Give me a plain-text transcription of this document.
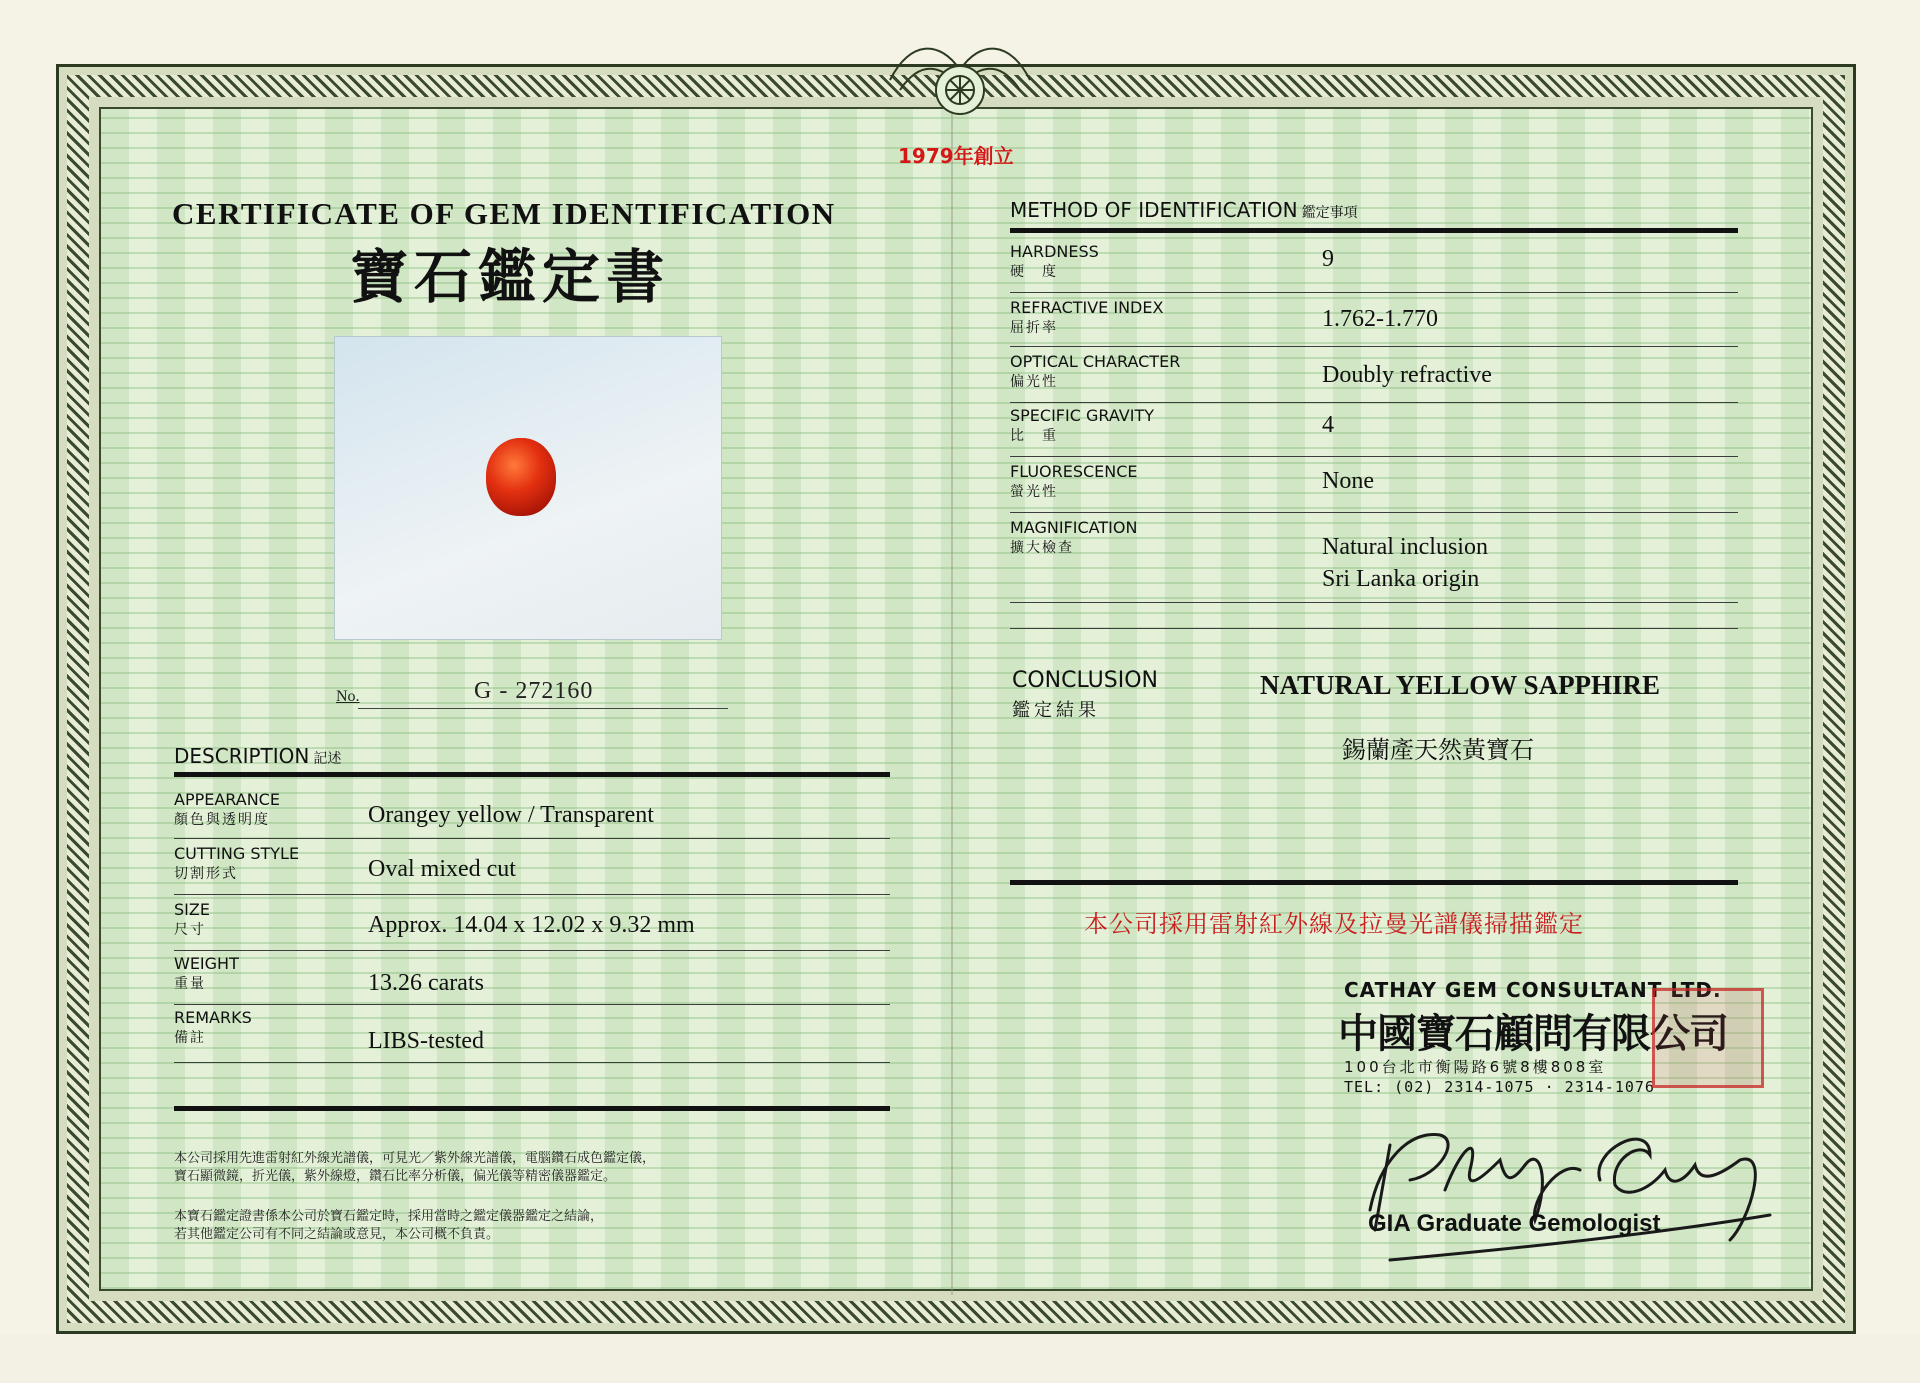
1979年創立
CERTIFICATE OF GEM IDENTIFICATION
寶石鑑定書
No.	G - 272160
DESCRIPTION 記述
APPEARANCE
顏色與透明度	Orangey yellow / Transparent
CUTTING STYLE
切割形式	Oval mixed cut
SIZE
尺寸	Approx. 14.04 x 12.02 x 9.32 mm
WEIGHT
重量	13.26 carats
REMARKS
備註	LIBS-tested
本公司採用先進雷射紅外線光譜儀，可見光／紫外線光譜儀，電腦鑽石成色鑑定儀，
寶石顯微鏡，折光儀，紫外線燈，鑽石比率分析儀，偏光儀等精密儀器鑑定。
本寶石鑑定證書係本公司於寶石鑑定時，採用當時之鑑定儀器鑑定之結論，
若其他鑑定公司有不同之結論或意見，本公司概不負責。
METHOD OF IDENTIFICATION 鑑定事項
HARDNESS
硬　度	9
REFRACTIVE INDEX
屈折率	1.762-1.770
OPTICAL CHARACTER
偏光性	Doubly refractive
SPECIFIC GRAVITY
比　重	4
FLUORESCENCE
螢光性	None
MAGNIFICATION
擴大檢查	Natural inclusion
Sri Lanka origin
CONCLUSION
鑑定結果
NATURAL YELLOW SAPPHIRE
錫蘭產天然黃寶石
本公司採用雷射紅外線及拉曼光譜儀掃描鑑定
CATHAY GEM CONSULTANT LTD.
中國寶石顧問有限公司
100台北市衡陽路6號8樓808室
TEL: (02) 2314-1075 · 2314-1076
GIA Graduate Gemologist
